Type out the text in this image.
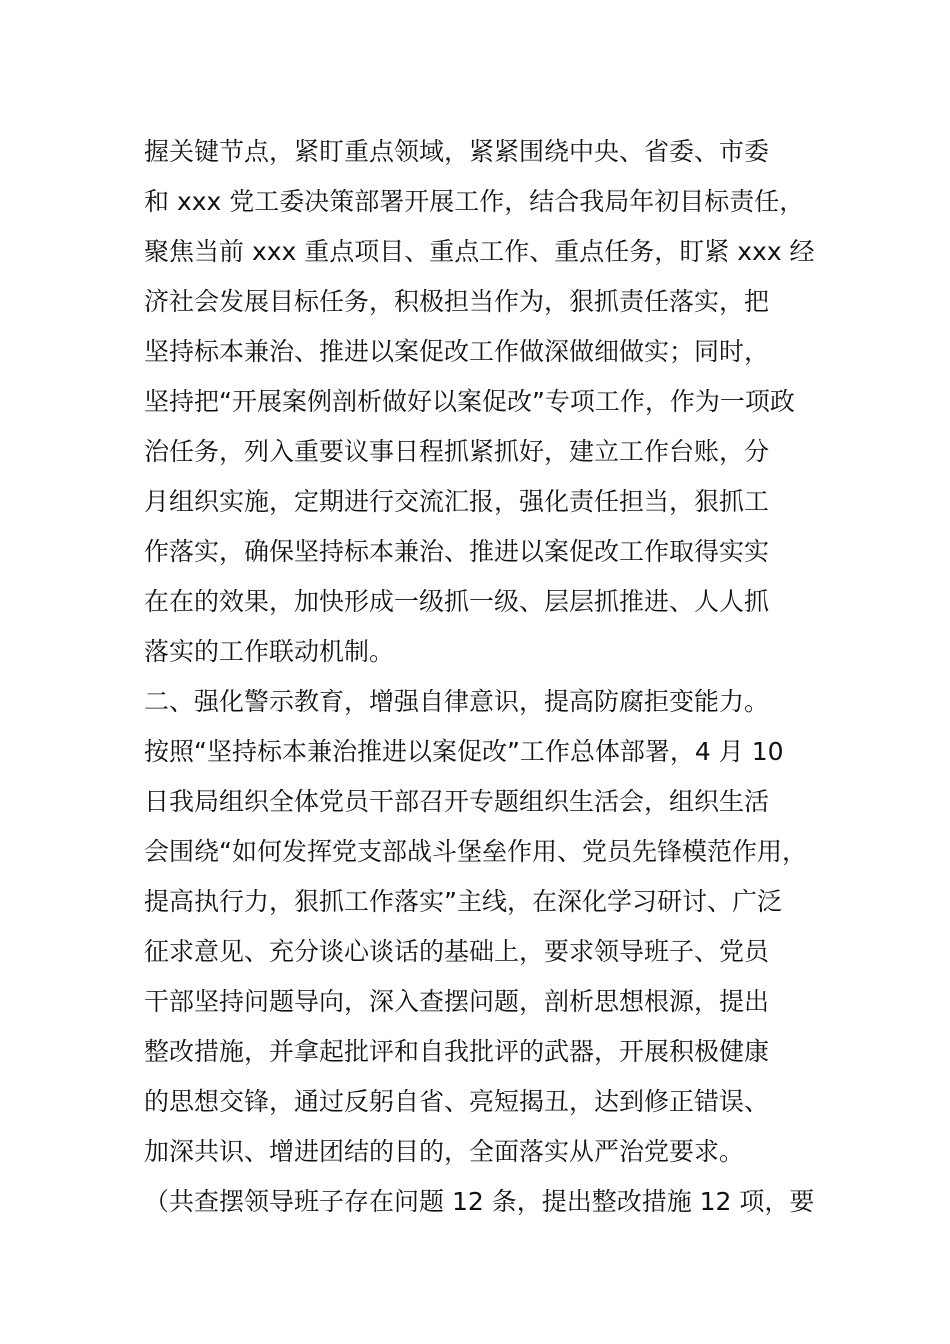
握关键节点，紧盯重点领域，紧紧围绕中央、省委、市委
和 xxx 党工委决策部署开展工作，结合我局年初目标责任，
聚焦当前 xxx 重点项目、重点工作、重点任务，盯紧 xxx 经
济社会发展目标任务，积极担当作为，狠抓责任落实，把
坚持标本兼治、推进以案促改工作做深做细做实；同时，
坚持把“开展案例剖析做好以案促改”专项工作，作为一项政
治任务，列入重要议事日程抓紧抓好，建立工作台账，分
月组织实施，定期进行交流汇报，强化责任担当，狠抓工
作落实，确保坚持标本兼治、推进以案促改工作取得实实
在在的效果，加快形成一级抓一级、层层抓推进、人人抓
落实的工作联动机制。
二、强化警示教育，增强自律意识，提高防腐拒变能力。
按照“坚持标本兼治推进以案促改”工作总体部署，4 月 10
日我局组织全体党员干部召开专题组织生活会，组织生活
会围绕“如何发挥党支部战斗堡垒作用、党员先锋模范作用，
提高执行力，狠抓工作落实”主线，在深化学习研讨、广泛
征求意见、充分谈心谈话的基础上，要求领导班子、党员
干部坚持问题导向，深入查摆问题，剖析思想根源，提出
整改措施，并拿起批评和自我批评的武器，开展积极健康
的思想交锋，通过反躬自省、亮短揭丑，达到修正错误、
加深共识、增进团结的目的，全面落实从严治党要求。
（共查摆领导班子存在问题 12 条，提出整改措施 12 项，要
